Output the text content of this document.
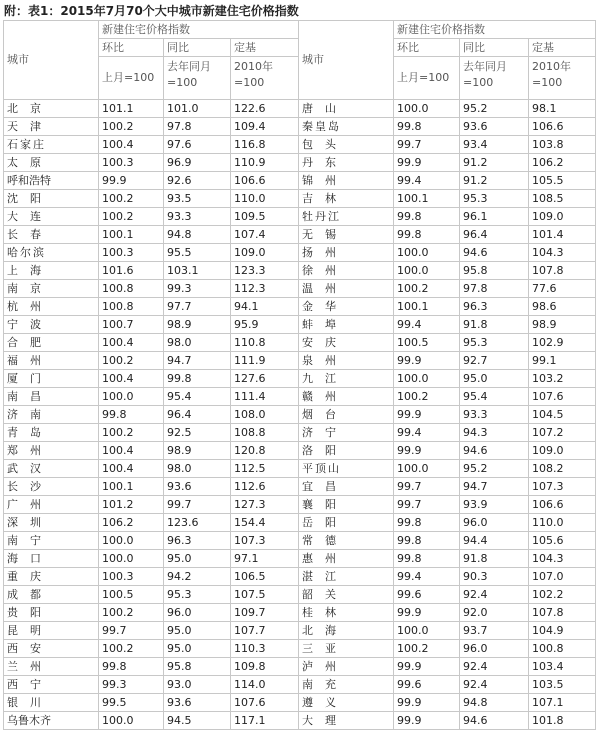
附：表1：2015年7月70个大中城市新建住宅价格指数
城市	新建住宅价格指数			城市	新建住宅价格指数		
	环比	同比	定基		环比	同比	定基
	上月=100	去年同月=100	2010年=100		上月=100	去年同月=100	2010年=100
北京	101.1	101.0	122.6	唐山	100.0	95.2	98.1
天津	100.2	97.8	109.4	秦皇岛	99.8	93.6	106.6
石家庄	100.4	97.6	116.8	包头	99.7	93.4	103.8
太原	100.3	96.9	110.9	丹东	99.9	91.2	106.2
呼和浩特	99.9	92.6	106.6	锦州	99.4	91.2	105.5
沈阳	100.2	93.5	110.0	吉林	100.1	95.3	108.5
大连	100.2	93.3	109.5	牡丹江	99.8	96.1	109.0
长春	100.1	94.8	107.4	无锡	99.8	96.4	101.4
哈尔滨	100.3	95.5	109.0	扬州	100.0	94.6	104.3
上海	101.6	103.1	123.3	徐州	100.0	95.8	107.8
南京	100.8	99.3	112.3	温州	100.2	97.8	77.6
杭州	100.8	97.7	94.1	金华	100.1	96.3	98.6
宁波	100.7	98.9	95.9	蚌埠	99.4	91.8	98.9
合肥	100.4	98.0	110.8	安庆	100.5	95.3	102.9
福州	100.2	94.7	111.9	泉州	99.9	92.7	99.1
厦门	100.4	99.8	127.6	九江	100.0	95.0	103.2
南昌	100.0	95.4	111.4	赣州	100.2	95.4	107.6
济南	99.8	96.4	108.0	烟台	99.9	93.3	104.5
青岛	100.2	92.5	108.8	济宁	99.4	94.3	107.2
郑州	100.4	98.9	120.8	洛阳	99.9	94.6	109.0
武汉	100.4	98.0	112.5	平顶山	100.0	95.2	108.2
长沙	100.1	93.6	112.6	宜昌	99.7	94.7	107.3
广州	101.2	99.7	127.3	襄阳	99.7	93.9	106.6
深圳	106.2	123.6	154.4	岳阳	99.8	96.0	110.0
南宁	100.0	96.3	107.3	常德	99.8	94.4	105.6
海口	100.0	95.0	97.1	惠州	99.8	91.8	104.3
重庆	100.3	94.2	106.5	湛江	99.4	90.3	107.0
成都	100.5	95.3	107.5	韶关	99.6	92.4	102.2
贵阳	100.2	96.0	109.7	桂林	99.9	92.0	107.8
昆明	99.7	95.0	107.7	北海	100.0	93.7	104.9
西安	100.2	95.0	110.3	三亚	100.2	96.0	100.8
兰州	99.8	95.8	109.8	泸州	99.9	92.4	103.4
西宁	99.3	93.0	114.0	南充	99.6	92.4	103.5
银川	99.5	93.6	107.6	遵义	99.9	94.8	107.1
乌鲁木齐	100.0	94.5	117.1	大理	99.9	94.6	101.8
